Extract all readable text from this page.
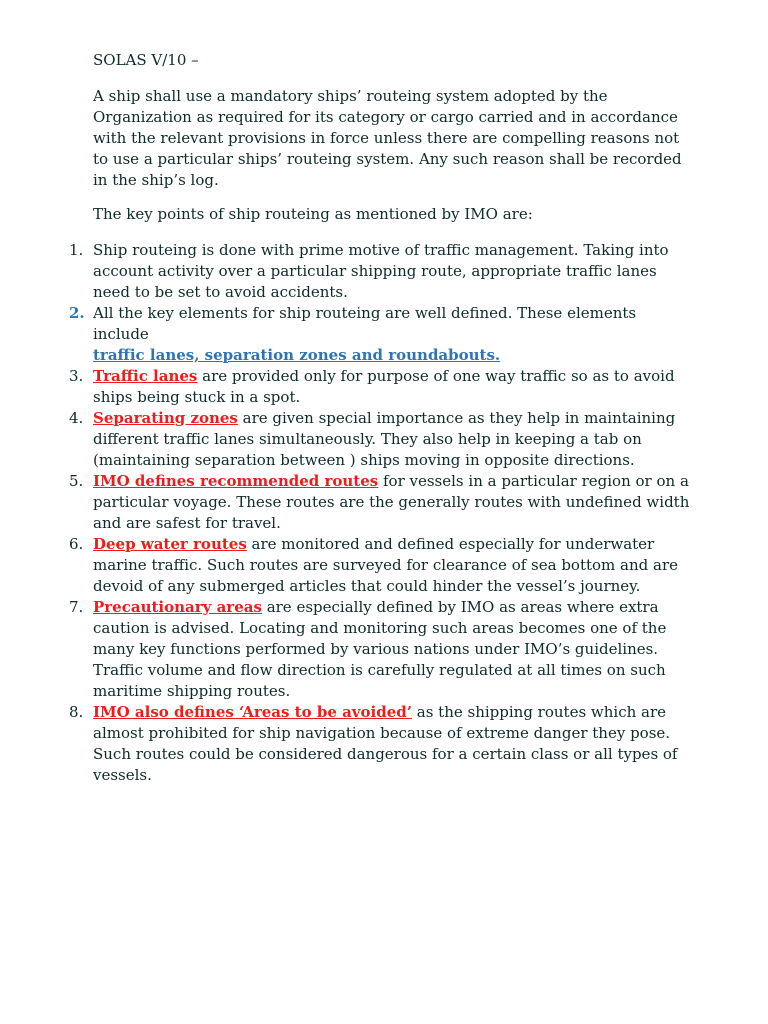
SOLAS V/10 –

A ship shall use a mandatory ships’ routeing system adopted by the Organization as required for its category or cargo carried and in accordance with the relevant provisions in force unless there are compelling reasons not to use a particular ships’ routeing system. Any such reason shall be recorded in the ship’s log.

The key points of ship routeing as mentioned by IMO are:

1. Ship routeing is done with prime motive of traffic management. Taking into account activity over a particular shipping route, appropriate traffic lanes need to be set to avoid accidents.
2. All the key elements for ship routeing are well defined. These elements include
traffic lanes, separation zones and roundabouts.
3. Traffic lanes are provided only for purpose of one way traffic so as to avoid ships being stuck in a spot.
4. Separating zones are given special importance as they help in maintaining different traffic lanes simultaneously. They also help in keeping a tab on (maintaining separation between ) ships moving in opposite directions.
5. IMO defines recommended routes for vessels in a particular region or on a particular voyage. These routes are the generally routes with undefined width and are safest for travel.
6. Deep water routes are monitored and defined especially for underwater marine traffic. Such routes are surveyed for clearance of sea bottom and are devoid of any submerged articles that could hinder the vessel’s journey.
7. Precautionary areas are especially defined by IMO as areas where extra caution is advised. Locating and monitoring such areas becomes one of the many key functions performed by various nations under IMO’s guidelines. Traffic volume and flow direction is carefully regulated at all times on such maritime shipping routes.
8. IMO also defines ‘Areas to be avoided’ as the shipping routes which are almost prohibited for ship navigation because of extreme danger they pose. Such routes could be considered dangerous for a certain class or all types of vessels.
